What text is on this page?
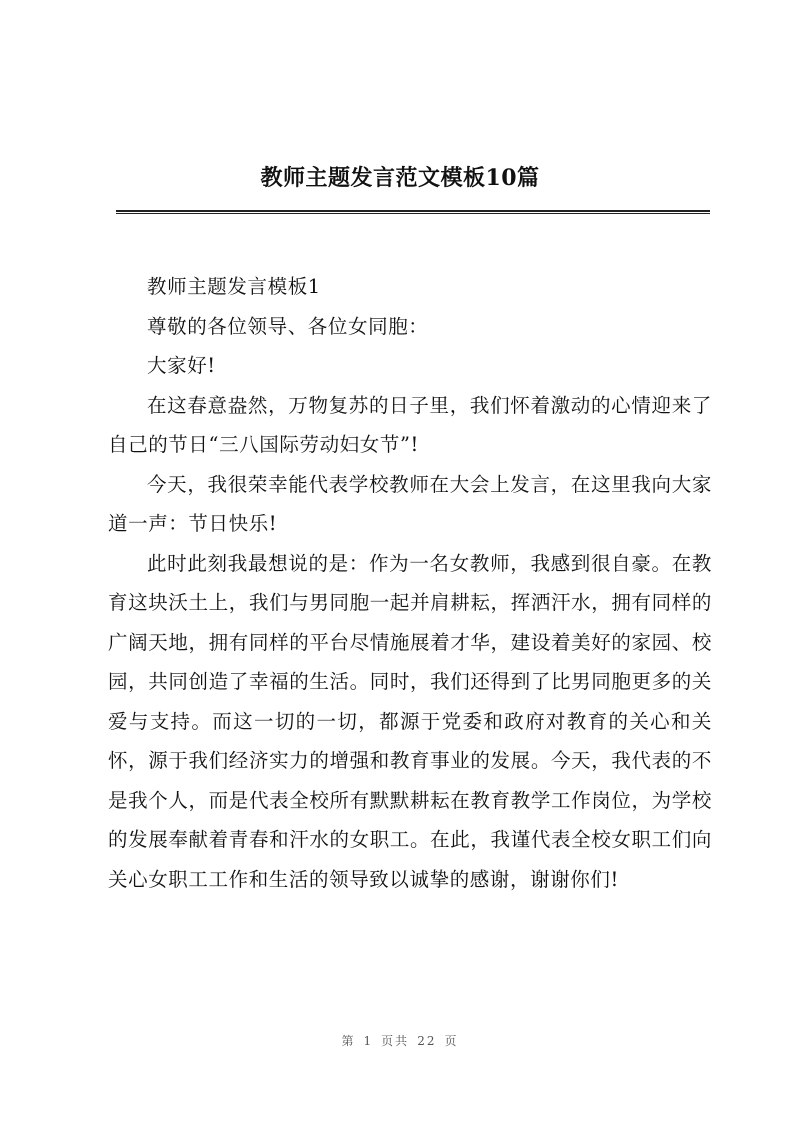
教师主题发言范文模板10篇

教师主题发言模板1

尊敬的各位领导、各位女同胞：

大家好!

在这春意盎然，万物复苏的日子里，我们怀着激动的心情迎来了自己的节日“三八国际劳动妇女节”!

今天，我很荣幸能代表学校教师在大会上发言，在这里我向大家道一声：节日快乐!

此时此刻我最想说的是：作为一名女教师，我感到很自豪。在教育这块沃土上，我们与男同胞一起并肩耕耘，挥洒汗水，拥有同样的广阔天地，拥有同样的平台尽情施展着才华，建设着美好的家园、校园，共同创造了幸福的生活。同时，我们还得到了比男同胞更多的关爱与支持。而这一切的一切，都源于党委和政府对教育的关心和关怀，源于我们经济实力的增强和教育事业的发展。今天，我代表的不是我个人，而是代表全校所有默默耕耘在教育教学工作岗位，为学校的发展奉献着青春和汗水的女职工。在此，我谨代表全校女职工们向关心女职工工作和生活的领导致以诚挚的感谢，谢谢你们!

第 1 页共 22 页
